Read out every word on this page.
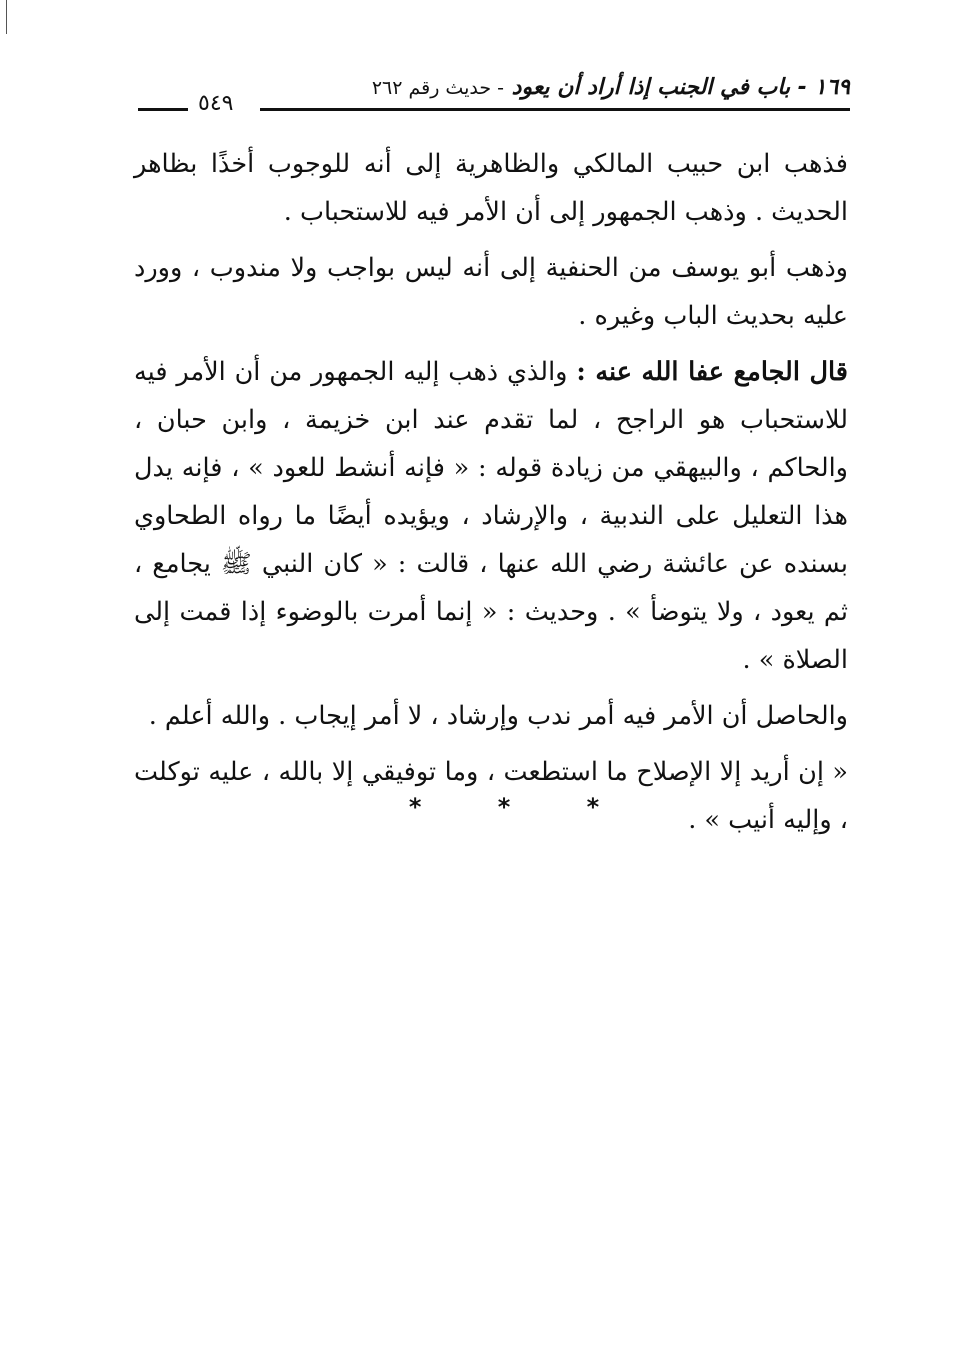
١٦٩ - باب في الجنب إذا أراد أن يعود - حديث رقم ٢٦٢
٥٤٩

فذهب ابن حبيب المالكي والظاهرية إلى أنه للوجوب أخذًا بظاهر الحديث . وذهب الجمهور إلى أن الأمر فيه للاستحباب .

وذهب أبو يوسف من الحنفية إلى أنه ليس بواجب ولا مندوب ، وورد عليه بحديث الباب وغيره .

قال الجامع عفا الله عنه : والذي ذهب إليه الجمهور من أن الأمر فيه للاستحباب هو الراجح ، لما تقدم عند ابن خزيمة ، وابن حبان ، والحاكم ، والبيهقي من زيادة قوله : « فإنه أنشط للعود » ، فإنه يدل هذا التعليل على الندبية ، والإرشاد ، ويؤيده أيضًا ما رواه الطحاوي بسنده عن عائشة رضي الله عنها ، قالت : « كان النبي ﷺ يجامع ، ثم يعود ، ولا يتوضأ » . وحديث : « إنما أمرت بالوضوء إذا قمت إلى الصلاة » .

والحاصل أن الأمر فيه أمر ندب وإرشاد ، لا أمر إيجاب . والله أعلم .

« إن أريد إلا الإصلاح ما استطعت ، وما توفيقي إلا بالله ، عليه توكلت ، وإليه أنيب » .

* * *
